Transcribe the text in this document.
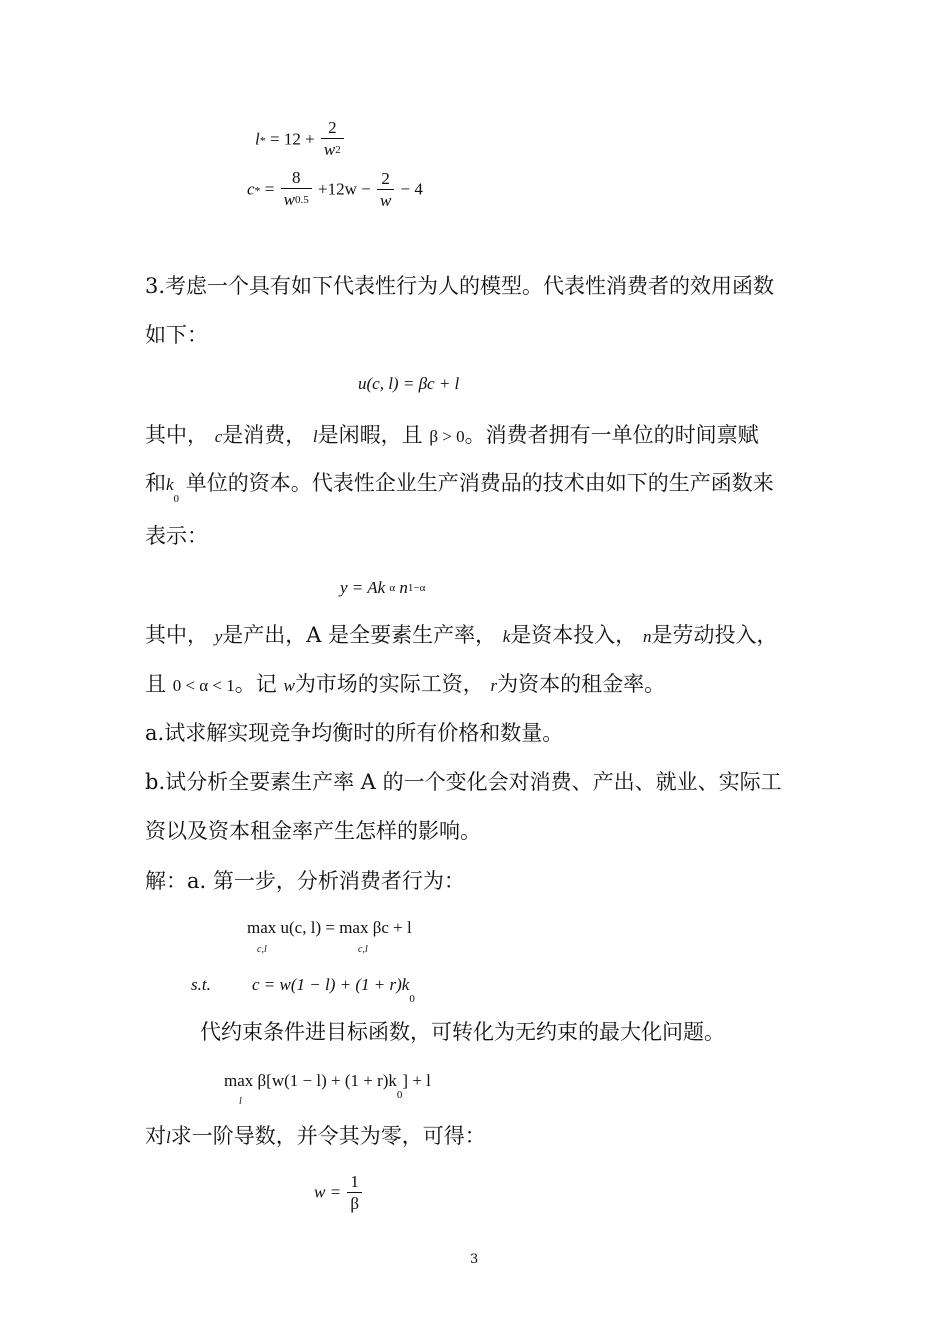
$l* = 12 + \frac{2}{w2}$
$c* = \frac{8}{w0.5} +12w - \frac{2}{w} - 4$
3.考虑一个具有如下代表性行为人的模型。代表性消费者的效用函数
如下：
u(c, l) = βc + l
其中， c是消费， l是闲暇，且 β > 0。消费者拥有一单位的时间禀赋
和$k_0$ 单位的资本。代表性企业生产消费品的技术由如下的生产函数来
表示：
y = Ak α n1−α
其中， y是产出，A 是全要素生产率， k是资本投入， n是劳动投入，
且 0 < α < 1。记 w为市场的实际工资， r为资本的租金率。
a.试求解实现竞争均衡时的所有价格和数量。
b.试分析全要素生产率 A 的一个变化会对消费、产出、就业、实际工
资以及资本租金率产生怎样的影响。
解：a. 第一步，分析消费者行为：
max u(c, l) = max βc + l
c,l	c,l
s.t. $c = w(1 - l) + (1 + r)k_0$
代约束条件进目标函数，可转化为无约束的最大化问题。
$\max \beta[w(1 - l) + (1 + r)k_0] + l$
l
对l求一阶导数，并令其为零，可得：
$w = \frac{1}{\beta}$
3
